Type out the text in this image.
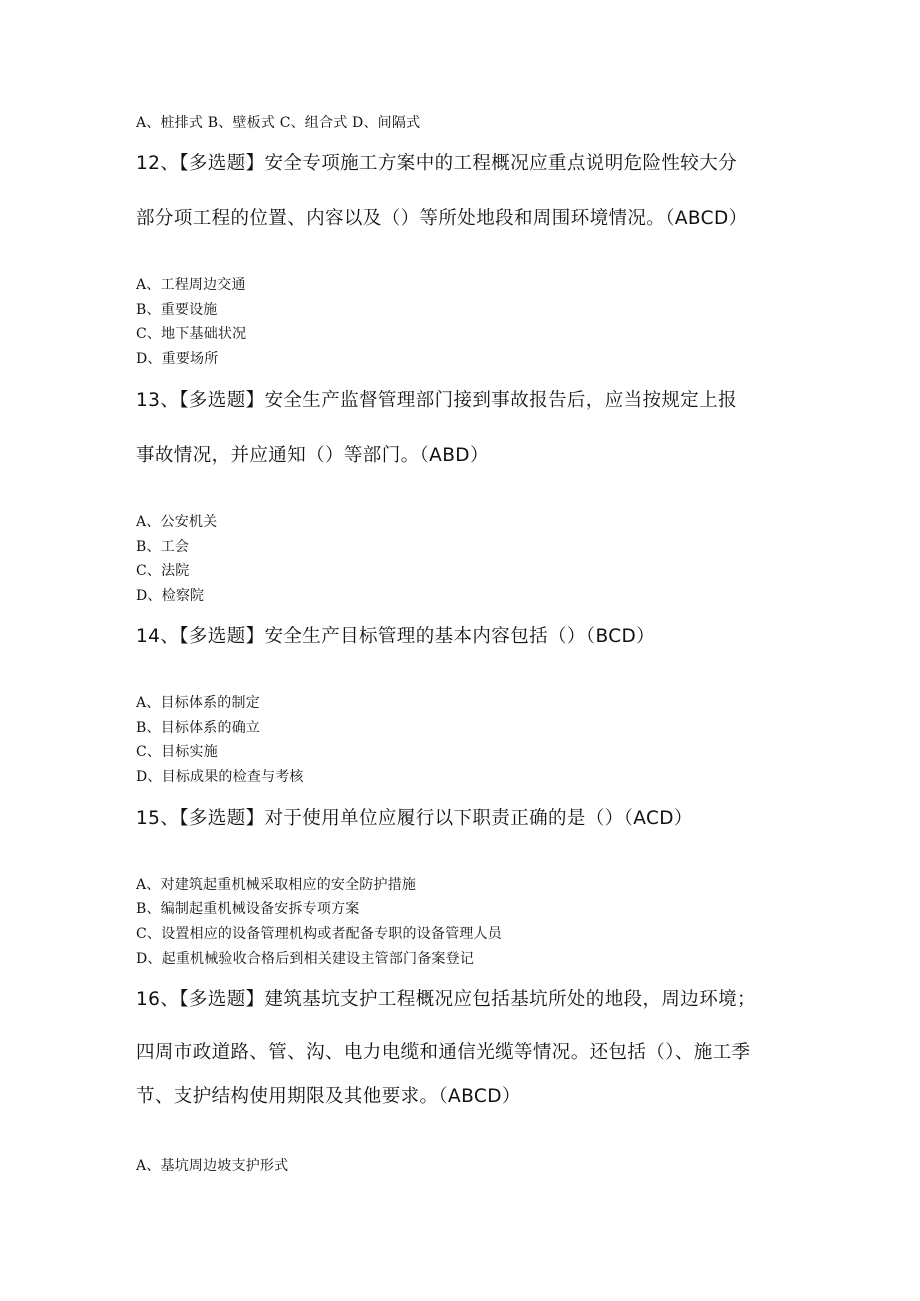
A、桩排式 B、壁板式 C、组合式 D、间隔式
12、【多选题】安全专项施工方案中的工程概况应重点说明危险性较大分
部分项工程的位置、内容以及（）等所处地段和周围环境情况。（ABCD）
A、工程周边交通
B、重要设施
C、地下基础状况
D、重要场所
13、【多选题】安全生产监督管理部门接到事故报告后，应当按规定上报
事故情况，并应通知（）等部门。（ABD）
A、公安机关
B、工会
C、法院
D、检察院
14、【多选题】安全生产目标管理的基本内容包括（）（BCD）
A、目标体系的制定
B、目标体系的确立
C、目标实施
D、目标成果的检查与考核
15、【多选题】对于使用单位应履行以下职责正确的是（）（ACD）
A、对建筑起重机械采取相应的安全防护措施
B、编制起重机械设备安拆专项方案
C、设置相应的设备管理机构或者配备专职的设备管理人员
D、起重机械验收合格后到相关建设主管部门备案登记
16、【多选题】建筑基坑支护工程概况应包括基坑所处的地段，周边环境；
四周市政道路、管、沟、电力电缆和通信光缆等情况。还包括（）、施工季
节、支护结构使用期限及其他要求。（ABCD）
A、基坑周边坡支护形式
